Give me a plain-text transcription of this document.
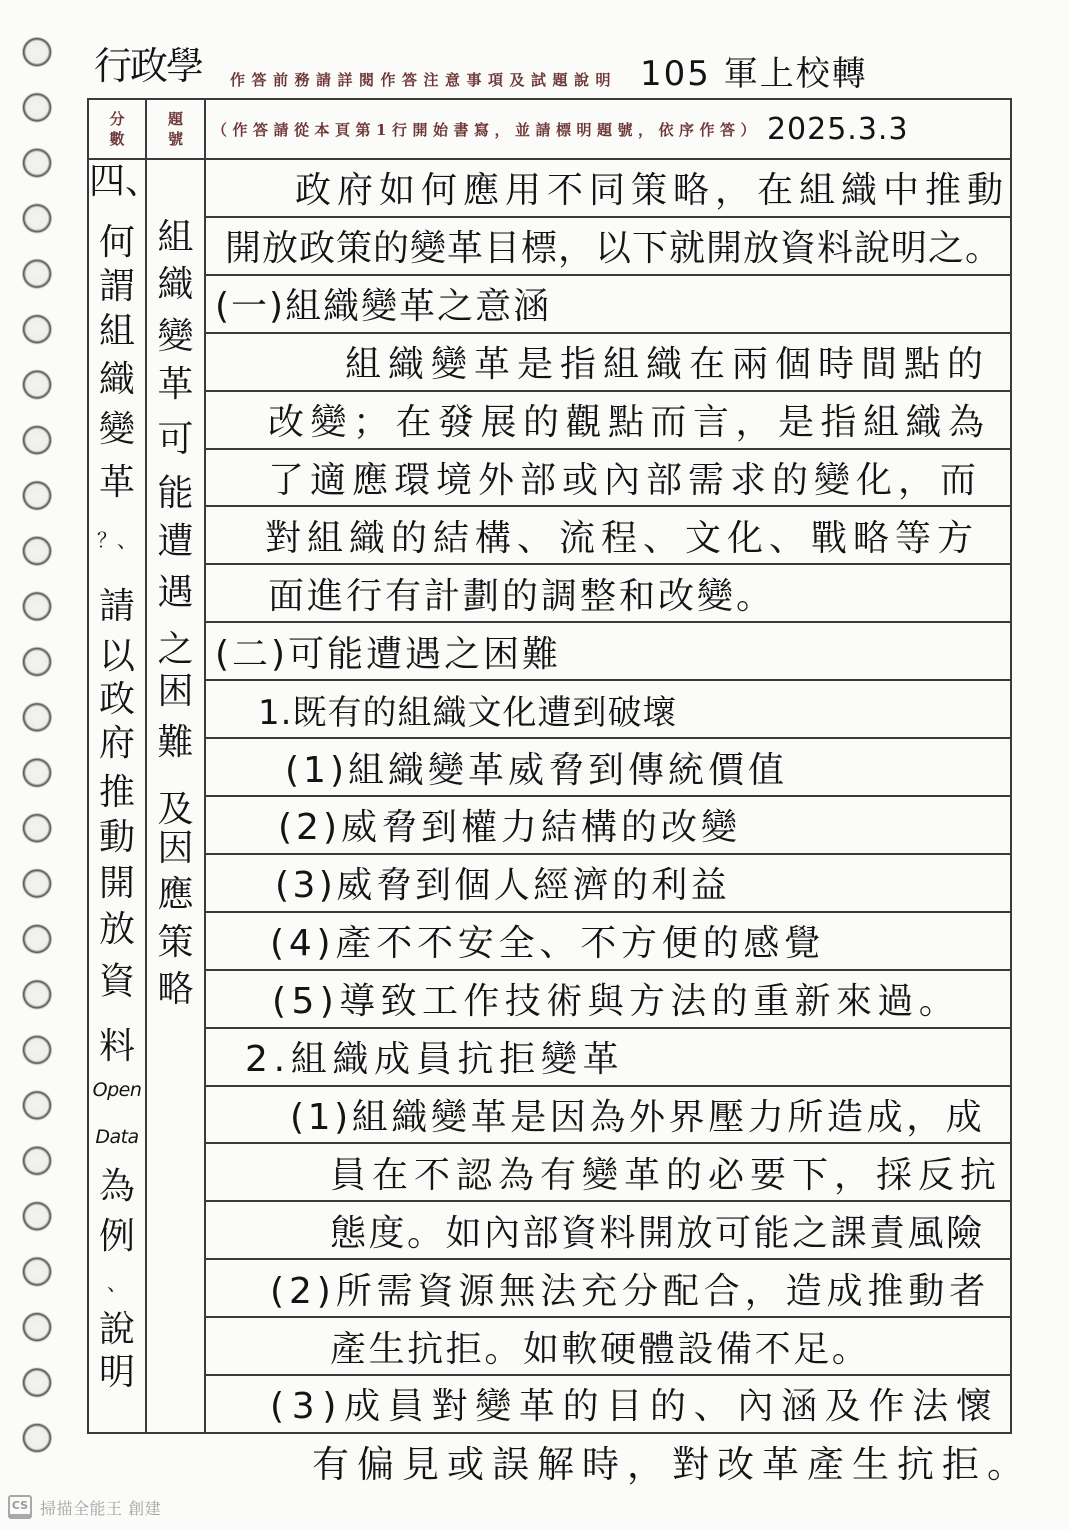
行政學 作答前務請詳閱作答注意事項及試題說明 105 軍上校轉
分
數
題
號
（作答請從本頁第1行開始書寫，並請標明題號，依序作答） 2025.3.3
四、
何
謂
組
織
變
革
？、
請
以
政
府
推
動
開
放
資
料
Open
Data
為
例
、
說
明
組
織
變
革
可
能
遭
遇
之
困
難
及
因
應
策
略
政府如何應用不同策略，在組織中推動
開放政策的變革目標，以下就開放資料說明之。
(一)組織變革之意涵
組織變革是指組織在兩個時間點的
改變；在發展的觀點而言，是指組織為
了適應環境外部或內部需求的變化，而
對組織的結構、流程、文化、戰略等方
面進行有計劃的調整和改變。
(二)可能遭遇之困難
1.既有的組織文化遭到破壞
(1)組織變革威脅到傳統價值
(2)威脅到權力結構的改變
(3)威脅到個人經濟的利益
(4)產不不安全、不方便的感覺
(5)導致工作技術與方法的重新來過。
2.組織成員抗拒變革
(1)組織變革是因為外界壓力所造成，成
員在不認為有變革的必要下，採反抗
態度。如內部資料開放可能之課責風險
(2)所需資源無法充分配合，造成推動者
產生抗拒。如軟硬體設備不足。
(3)成員對變革的目的、內涵及作法懷
有偏見或誤解時，對改革產生抗拒。
CS 掃描全能王 創建
